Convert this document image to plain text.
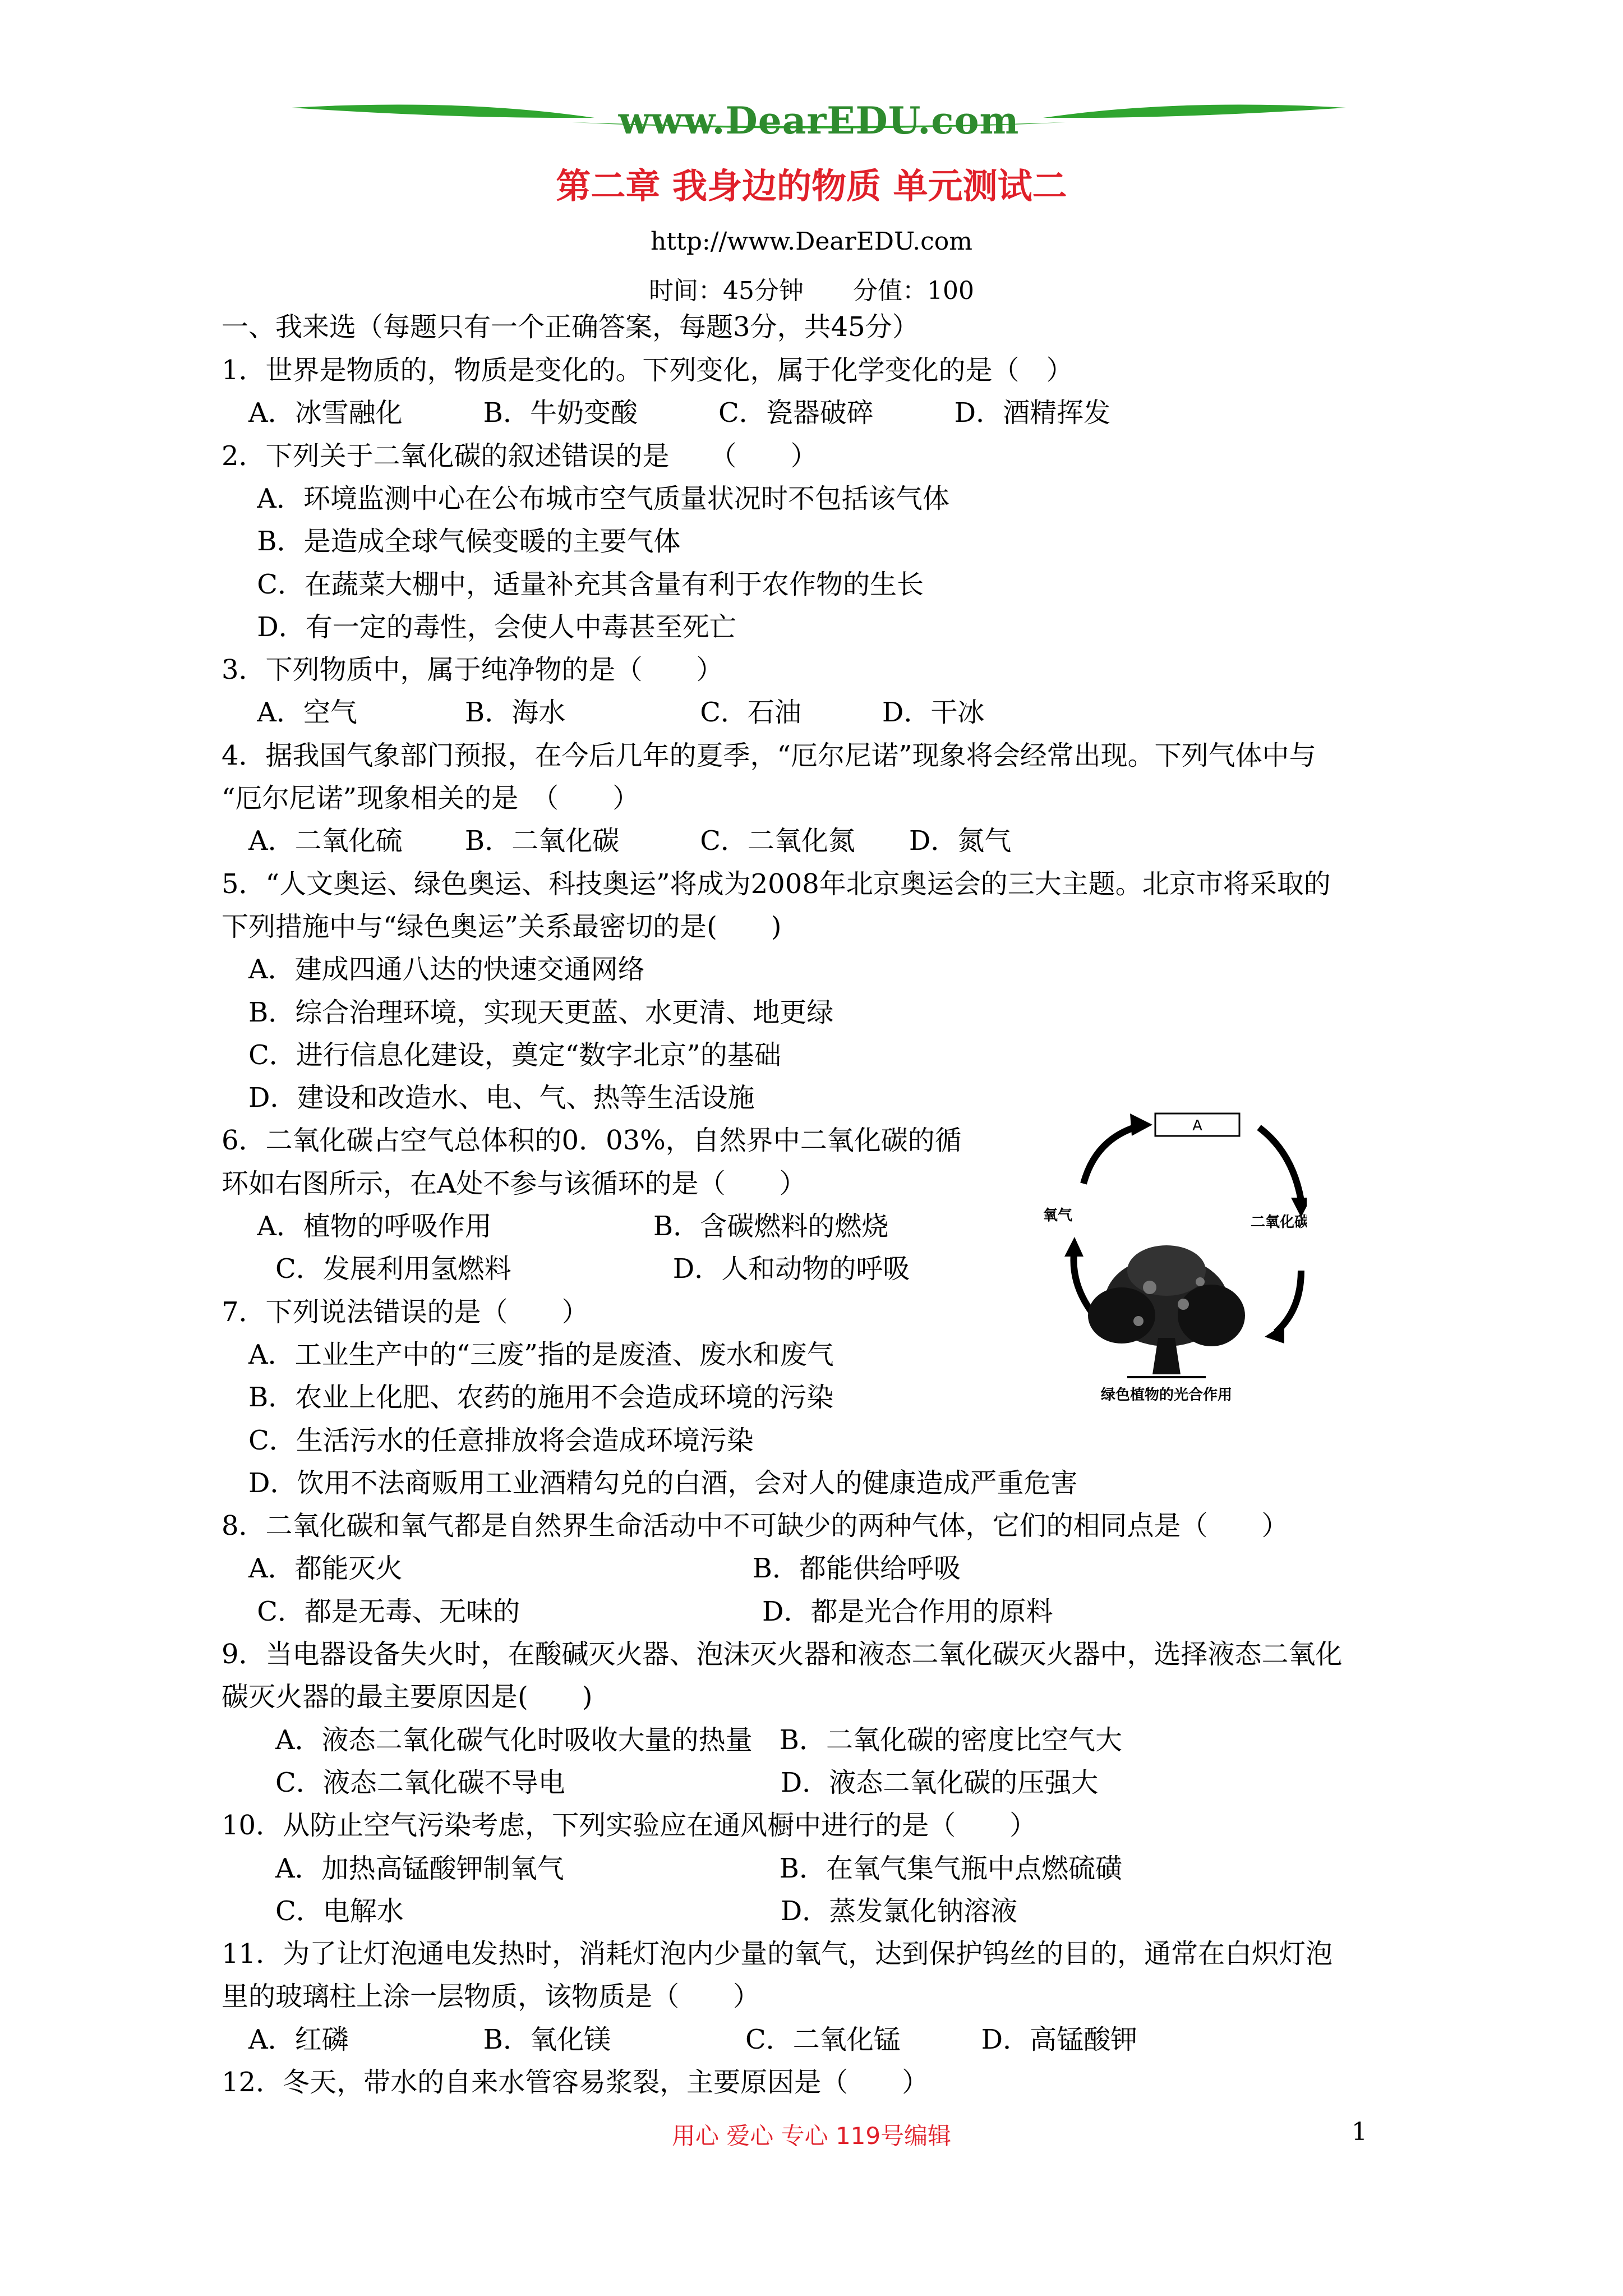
www.DearEDU.com
第二章 我身边的物质 单元测试二
http://www.DearEDU.com
时间：45分钟　　分值：100
一、我来选（每题只有一个正确答案，每题3分，共45分）
1．世界是物质的，物质是变化的。下列变化，属于化学变化的是（　）
　A．冰雪融化　　　B．牛奶变酸　　　C．瓷器破碎　　　D．酒精挥发
2．下列关于二氧化碳的叙述错误的是　　（　　）
　 A．环境监测中心在公布城市空气质量状况时不包括该气体
　 B．是造成全球气候变暖的主要气体
　 C．在蔬菜大棚中，适量补充其含量有利于农作物的生长
　 D．有一定的毒性，会使人中毒甚至死亡
3．下列物质中，属于纯净物的是（　　）
　 A．空气　　　　B．海水　　　　　C．石油　　　D．干冰
4．据我国气象部门预报，在今后几年的夏季，“厄尔尼诺”现象将会经常出现。下列气体中与
“厄尔尼诺”现象相关的是　（　　）
　A．二氧化硫　　 B．二氧化碳　　　C．二氧化氮　　D．氮气
5．“人文奥运、绿色奥运、科技奥运”将成为2008年北京奥运会的三大主题。北京市将采取的
下列措施中与“绿色奥运”关系最密切的是(　　)
　A．建成四通八达的快速交通网络
　B．综合治理环境，实现天更蓝、水更清、地更绿
　C．进行信息化建设，奠定“数字北京”的基础
　D．建设和改造水、电、气、热等生活设施
6．二氧化碳占空气总体积的0．03%，自然界中二氧化碳的循
环如右图所示，在A处不参与该循环的是（　　）
　 A．植物的呼吸作用　　　　　　B．含碳燃料的燃烧
　　C．发展利用氢燃料　　　　　　D．人和动物的呼吸
7．下列说法错误的是（　　）
　A．工业生产中的“三废”指的是废渣、废水和废气
　B．农业上化肥、农药的施用不会造成环境的污染
　C．生活污水的任意排放将会造成环境污染
　D．饮用不法商贩用工业酒精勾兑的白酒，会对人的健康造成严重危害
8．二氧化碳和氧气都是自然界生命活动中不可缺少的两种气体，它们的相同点是（　　）
　A．都能灭火　　　　　　　　　　　　　B．都能供给呼吸
　 C．都是无毒、无味的　　　　　　　　　D．都是光合作用的原料
9．当电器设备失火时，在酸碱灭火器、泡沫灭火器和液态二氧化碳灭火器中，选择液态二氧化
碳灭火器的最主要原因是(　　)
　　A．液态二氧化碳气化时吸收大量的热量　B．二氧化碳的密度比空气大
　　C．液态二氧化碳不导电　　　　　　　　D．液态二氧化碳的压强大
10．从防止空气污染考虑，下列实验应在通风橱中进行的是（　　）
　　A．加热高锰酸钾制氧气　　　　　　　　B．在氧气集气瓶中点燃硫磺
　　C．电解水　　　　　　　　　　　　　　D．蒸发氯化钠溶液
11．为了让灯泡通电发热时，消耗灯泡内少量的氧气，达到保护钨丝的目的，通常在白炽灯泡
里的玻璃柱上涂一层物质，该物质是（　　）
　A．红磷　　　　　B．氧化镁　　　　　C．二氧化锰　　　D．高锰酸钾
12．冬天，带水的自来水管容易浆裂，主要原因是（　　）
A
氧气	二氧化碳
绿色植物的光合作用
用心 爱心 专心 119号编辑	1
